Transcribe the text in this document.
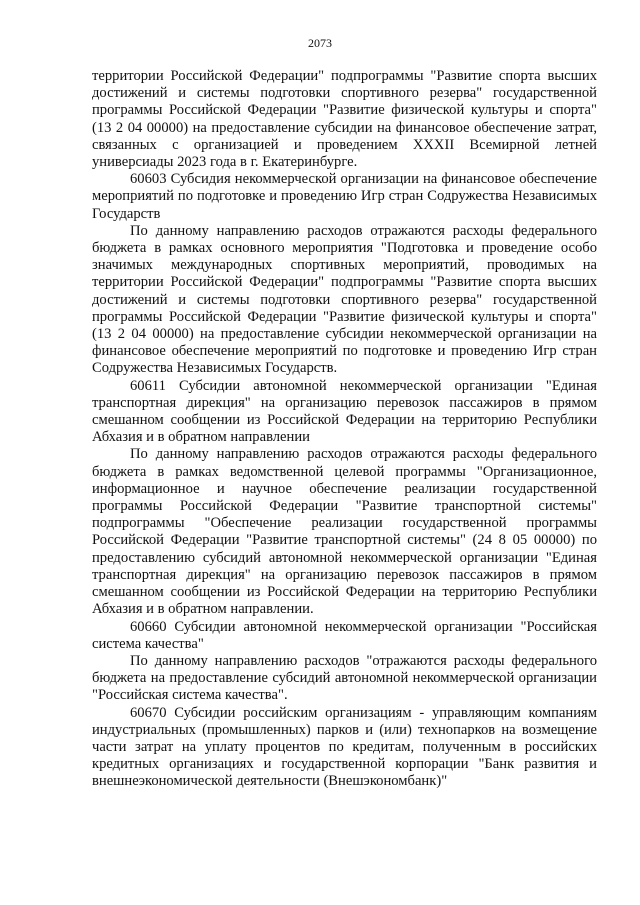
2073

территории Российской Федерации" подпрограммы "Развитие спорта высших достижений и системы подготовки спортивного резерва" государственной программы Российской Федерации "Развитие физической культуры и спорта" (13 2 04 00000) на предоставление субсидии на финансовое обеспечение затрат, связанных с организацией и проведением XXXII Всемирной летней универсиады 2023 года в г. Екатеринбурге.

60603 Субсидия некоммерческой организации на финансовое обеспечение мероприятий по подготовке и проведению Игр стран Содружества Независимых Государств

По данному направлению расходов отражаются расходы федерального бюджета в рамках основного мероприятия "Подготовка и проведение особо значимых международных спортивных мероприятий, проводимых на территории Российской Федерации" подпрограммы "Развитие спорта высших достижений и системы подготовки спортивного резерва" государственной программы Российской Федерации "Развитие физической культуры и спорта" (13 2 04 00000) на предоставление субсидии некоммерческой организации на финансовое обеспечение мероприятий по подготовке и проведению Игр стран Содружества Независимых Государств.

60611 Субсидии автономной некоммерческой организации "Единая транспортная дирекция" на организацию перевозок пассажиров в прямом смешанном сообщении из Российской Федерации на территорию Республики Абхазия и в обратном направлении

По данному направлению расходов отражаются расходы федерального бюджета в рамках ведомственной целевой программы "Организационное, информационное и научное обеспечение реализации государственной программы Российской Федерации "Развитие транспортной системы" подпрограммы "Обеспечение реализации государственной программы Российской Федерации "Развитие транспортной системы" (24 8 05 00000) по предоставлению субсидий автономной некоммерческой организации "Единая транспортная дирекция" на организацию перевозок пассажиров в прямом смешанном сообщении из Российской Федерации на территорию Республики Абхазия и в обратном направлении.

60660 Субсидии автономной некоммерческой организации "Российская система качества"

По данному направлению расходов "отражаются расходы федерального бюджета на предоставление субсидий автономной некоммерческой организации "Российская система качества".

60670 Субсидии российским организациям - управляющим компаниям индустриальных (промышленных) парков и (или) технопарков на возмещение части затрат на уплату процентов по кредитам, полученным в российских кредитных организациях и государственной корпорации "Банк развития и внешнеэкономической деятельности (Внешэкономбанк)"
